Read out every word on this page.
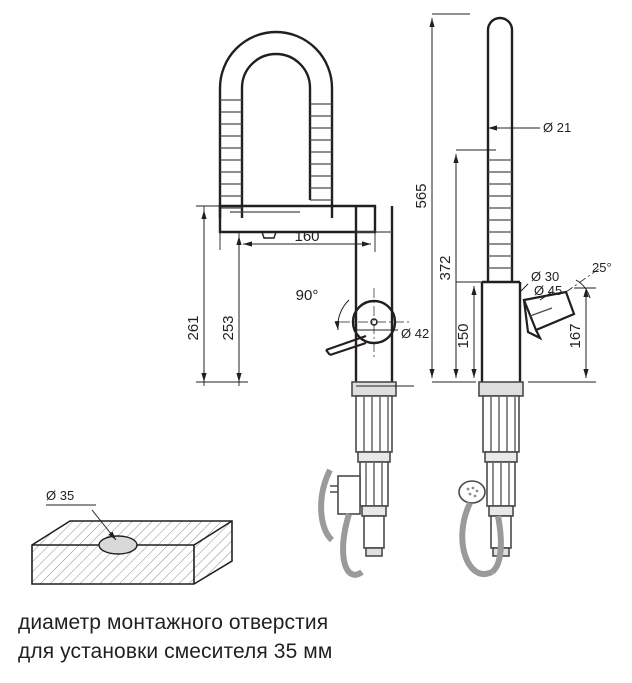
261 253
160
90°
Ø 42
565
372
150
Ø 21
Ø 30
Ø 45
25°
167
Ø 35
диаметр монтажного отверстия
для установки смесителя 35 мм
